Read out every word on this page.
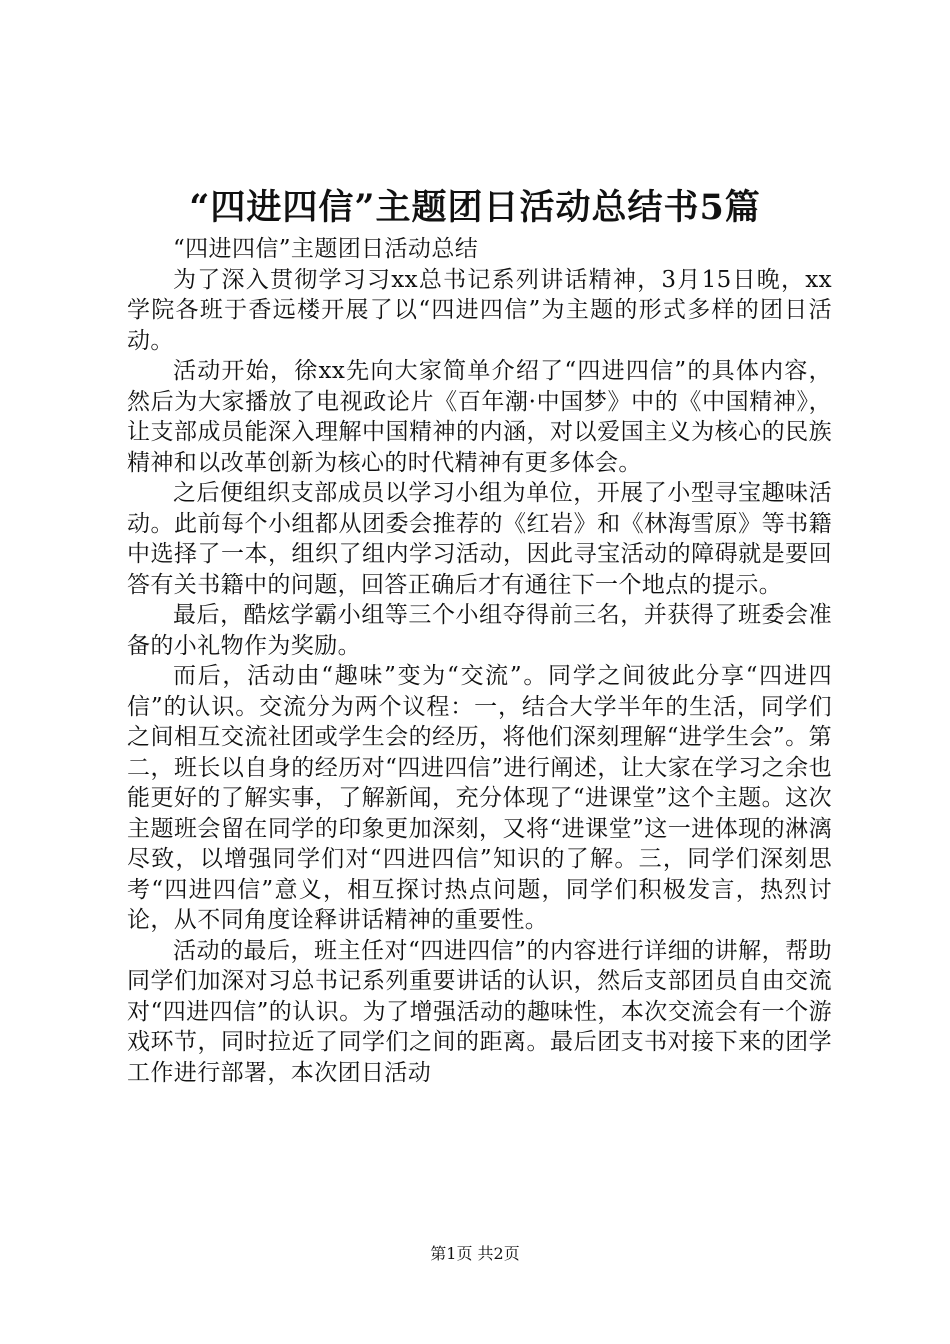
“四进四信”主题团日活动总结书5篇

“四进四信”主题团日活动总结

为了深入贯彻学习习xx总书记系列讲话精神，3月15日晚，xx学院各班于香远楼开展了以“四进四信”为主题的形式多样的团日活动。

活动开始，徐xx先向大家简单介绍了“四进四信”的具体内容，然后为大家播放了电视政论片《百年潮·中国梦》中的《中国精神》，让支部成员能深入理解中国精神的内涵，对以爱国主义为核心的民族精神和以改革创新为核心的时代精神有更多体会。

之后便组织支部成员以学习小组为单位，开展了小型寻宝趣味活动。此前每个小组都从团委会推荐的《红岩》和《林海雪原》等书籍中选择了一本，组织了组内学习活动，因此寻宝活动的障碍就是要回答有关书籍中的问题，回答正确后才有通往下一个地点的提示。

最后，酷炫学霸小组等三个小组夺得前三名，并获得了班委会准备的小礼物作为奖励。

而后，活动由“趣味”变为“交流”。同学之间彼此分享“四进四信”的认识。交流分为两个议程：一，结合大学半年的生活，同学们之间相互交流社团或学生会的经历，将他们深刻理解“进学生会”。第二，班长以自身的经历对“四进四信”进行阐述，让大家在学习之余也能更好的了解实事，了解新闻，充分体现了“进课堂”这个主题。这次主题班会留在同学的印象更加深刻，又将“进课堂”这一进体现的淋漓尽致，以增强同学们对“四进四信”知识的了解。三，同学们深刻思考“四进四信”意义，相互探讨热点问题，同学们积极发言，热烈讨论，从不同角度诠释讲话精神的重要性。

活动的最后，班主任对“四进四信”的内容进行详细的讲解，帮助同学们加深对习总书记系列重要讲话的认识，然后支部团员自由交流对“四进四信”的认识。为了增强活动的趣味性，本次交流会有一个游戏环节，同时拉近了同学们之间的距离。最后团支书对接下来的团学工作进行部署，本次团日活动

第1页 共2页
